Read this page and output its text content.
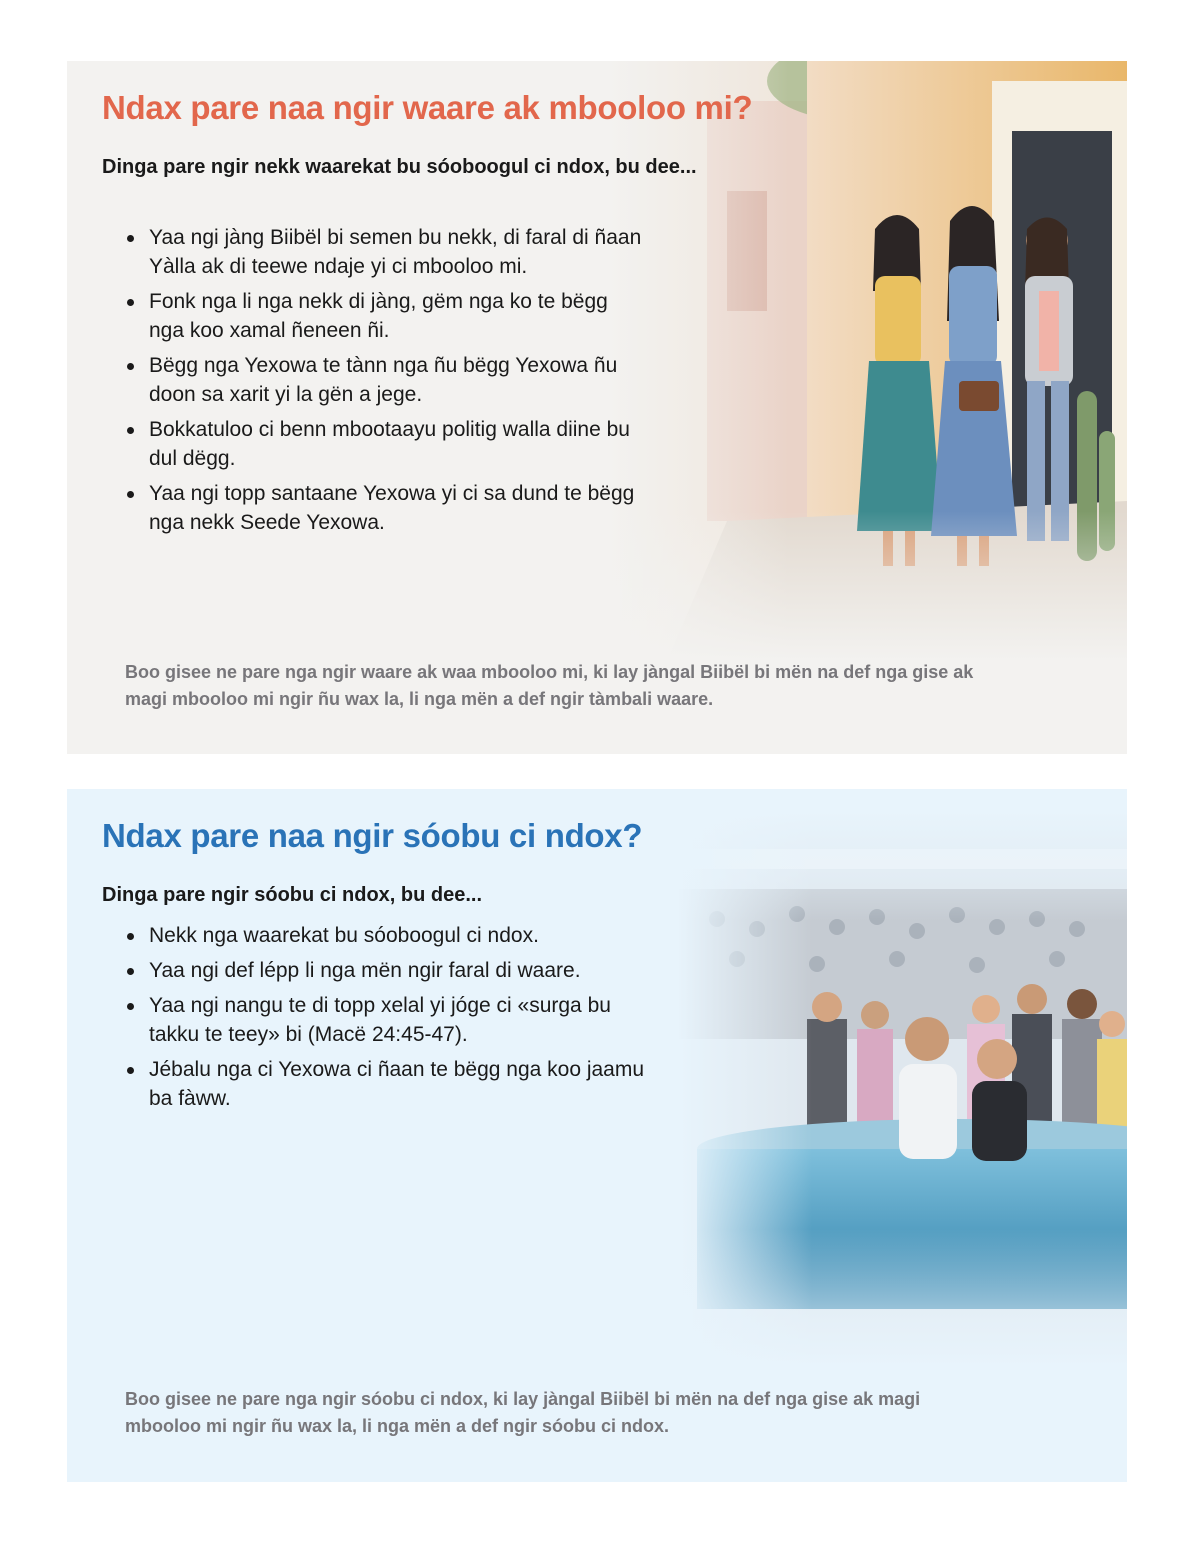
Ndax pare naa ngir waare ak mbooloo mi?

Dinga pare ngir nekk waarekat bu sóoboogul ci ndox, bu dee...

Yaa ngi jàng Biibël bi semen bu nekk, di faral di ñaan Yàlla ak di teewe ndaje yi ci mbooloo mi.
Fonk nga li nga nekk di jàng, gëm nga ko te bëgg nga koo xamal ñeneen ñi.
Bëgg nga Yexowa te tànn nga ñu bëgg Yexowa ñu doon sa xarit yi la gën a jege.
Bokkatuloo ci benn mbootaayu politig walla diine bu dul dëgg.
Yaa ngi topp santaane Yexowa yi ci sa dund te bëgg nga nekk Seede Yexowa.

Boo gisee ne pare nga ngir waare ak waa mbooloo mi, ki lay jàngal Biibël bi mën na def nga gise ak magi mbooloo mi ngir ñu wax la, li nga mën a def ngir tàmbali waare.

Ndax pare naa ngir sóobu ci ndox?

Dinga pare ngir sóobu ci ndox, bu dee...

Nekk nga waarekat bu sóoboogul ci ndox.
Yaa ngi def lépp li nga mën ngir faral di waare.
Yaa ngi nangu te di topp xelal yi jóge ci «surga bu takku te teey» bi (Macë 24:45-47).
Jébalu nga ci Yexowa ci ñaan te bëgg nga koo jaamu ba fàww.

Boo gisee ne pare nga ngir sóobu ci ndox, ki lay jàngal Biibël bi mën na def nga gise ak magi mbooloo mi ngir ñu wax la, li nga mën a def ngir sóobu ci ndox.
